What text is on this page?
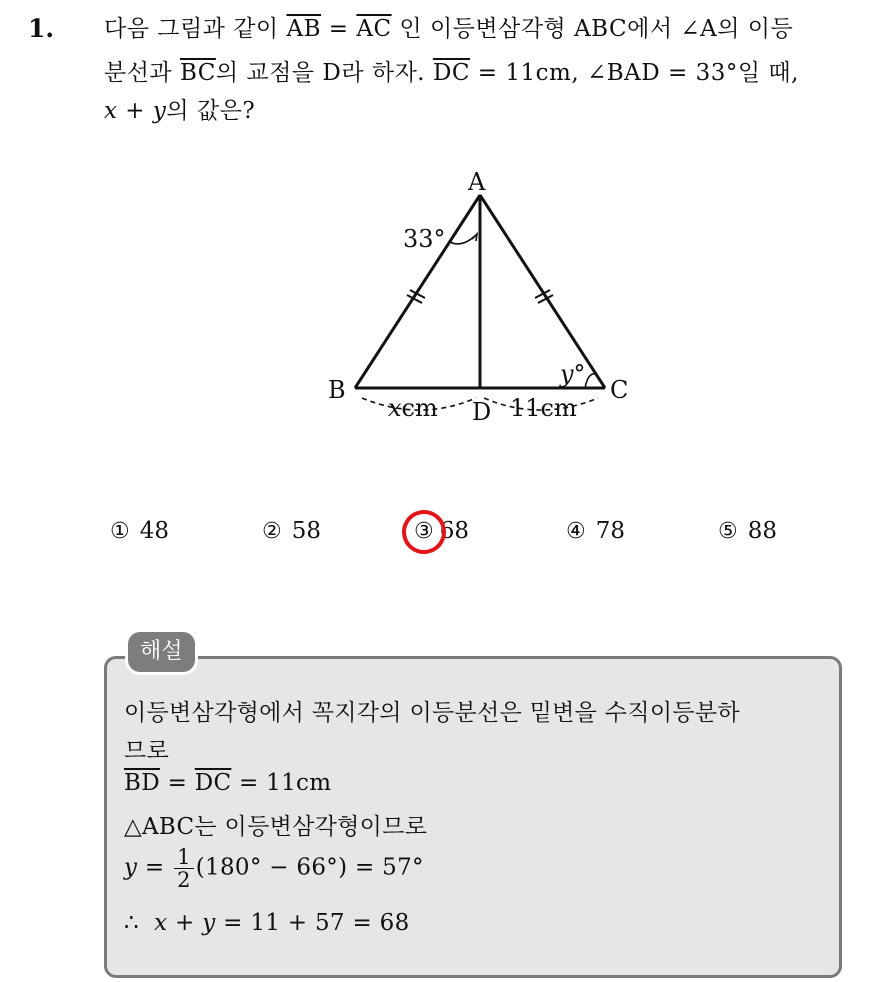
1. 다음 그림과 같이 $\overline{AB} = \overline{AC}$ 인 이등변삼각형 ABC에서 ∠A의 이등
분선과 $\overline{BC}$의 교점을 D라 하자. $\overline{DC} = 11cm$, ∠BAD = 33°일 때,
x + y의 값은?
A
B	C
D
33°
y°
xcm	11cm
① 48	② 58	③ 68	④ 78	⑤ 88
해설
이등변삼각형에서 꼭지각의 이등분선은 밑변을 수직이등분하
므로
$\overline{BD} = \overline{DC} = 11cm$
△ABC는 이등변삼각형이므로
$y = \frac{1}{2} (180^\circ - 66^\circ) = 57^\circ$
∴ x + y = 11 + 57 = 68
